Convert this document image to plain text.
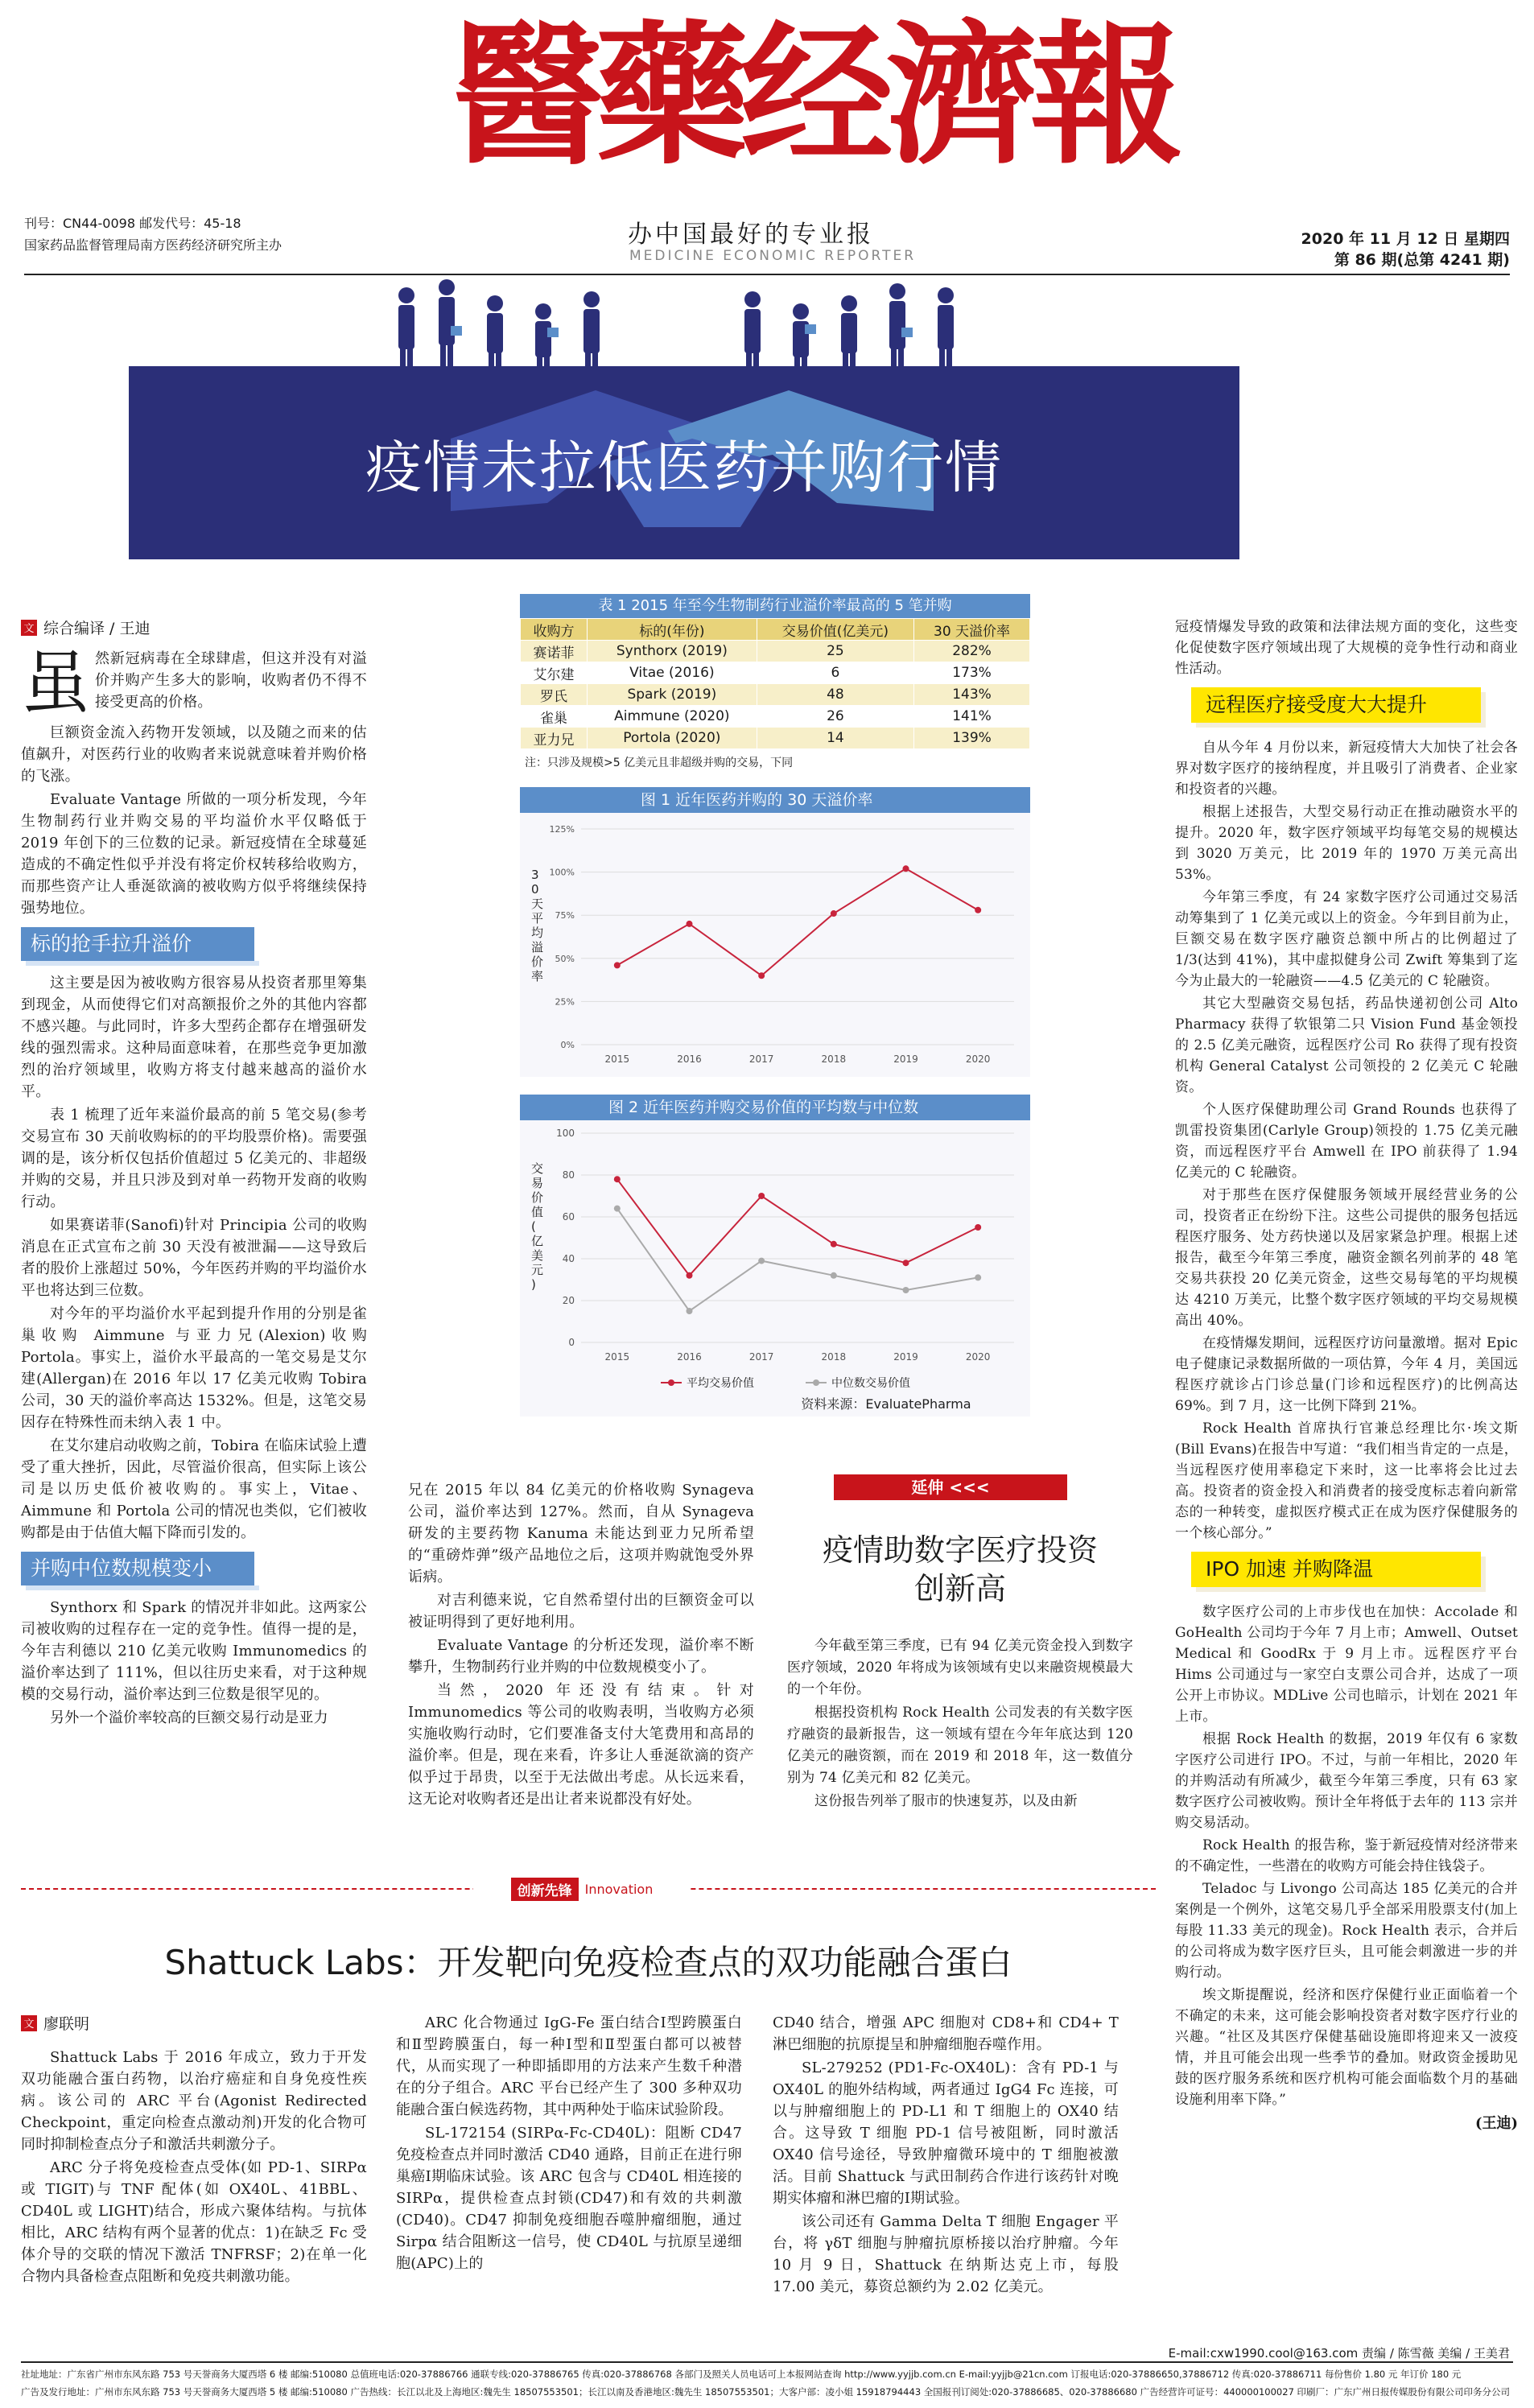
醫藥经濟報
刊号：CN44-0098 邮发代号：45-18
国家药品监督管理局南方医药经济研究所主办	办中国最好的专业报
MEDICINE ECONOMIC REPORTER
2020 年 11 月 12 日 星期四
第 86 期(总第 4241 期)
疫情未拉低医药并购行情
文 综合编译 / 王迪
虽 然新冠病毒在全球肆虐，但这并没有对溢价并购产生多大的影响，收购者仍不得不接受更高的价格。

巨额资金流入药物开发领域，以及随之而来的估值飙升，对医药行业的收购者来说就意味着并购价格的飞涨。

Evaluate Vantage 所做的一项分析发现，今年生物制药行业并购交易的平均溢价水平仅略低于 2019 年创下的三位数的记录。新冠疫情在全球蔓延造成的不确定性似乎并没有将定价权转移给收购方，而那些资产让人垂涎欲滴的被收购方似乎将继续保持强势地位。

标的抢手拉升溢价

这主要是因为被收购方很容易从投资者那里筹集到现金，从而使得它们对高额报价之外的其他内容都不感兴趣。与此同时，许多大型药企都存在增强研发线的强烈需求。这种局面意味着，在那些竞争更加激烈的治疗领域里，收购方将支付越来越高的溢价水平。

表 1 梳理了近年来溢价最高的前 5 笔交易(参考交易宣布 30 天前收购标的的平均股票价格)。需要强调的是，该分析仅包括价值超过 5 亿美元的、非超级并购的交易，并且只涉及到对单一药物开发商的收购行动。

如果赛诺菲(Sanofi)针对 Principia 公司的收购消息在正式宣布之前 30 天没有被泄漏——这导致后者的股价上涨超过 50%，今年医药并购的平均溢价水平也将达到三位数。

对今年的平均溢价水平起到提升作用的分别是雀巢收购 Aimmune 与亚力兄(Alexion)收购 Portola。事实上，溢价水平最高的一笔交易是艾尔建(Allergan)在 2016 年以 17 亿美元收购 Tobira 公司，30 天的溢价率高达 1532%。但是，这笔交易因存在特殊性而未纳入表 1 中。

在艾尔建启动收购之前，Tobira 在临床试验上遭受了重大挫折，因此，尽管溢价很高，但实际上该公司是以历史低价被收购的。事实上，Vitae、Aimmune 和 Portola 公司的情况也类似，它们被收购都是由于估值大幅下降而引发的。

并购中位数规模变小

Synthorx 和 Spark 的情况并非如此。这两家公司被收购的过程存在一定的竞争性。值得一提的是，今年吉利德以 210 亿美元收购 Immunomedics 的溢价率达到了 111%，但以往历史来看，对于这种规模的交易行动，溢价率达到三位数是很罕见的。

另外一个溢价率较高的巨额交易行动是亚力

表 1 2015 年至今生物制药行业溢价率最高的 5 笔并购
收购方	标的(年份)	交易价值(亿美元)	30 天溢价率
赛诺菲	Synthorx (2019)	25	282%
艾尔建	Vitae (2016)	6	173%
罗氏	Spark (2019)	48	143%
雀巢	Aimmune (2020)	26	141%
亚力兄	Portola (2020)	14	139%
注：只涉及规模>5 亿美元且非超级并购的交易，下同
图 1 近年医药并购的 30 天溢价率
0%
25%
50%
75%
100%
125%
2015	2016	2017	2018	2019	2020
3 0 天平均溢价率
图 2 近年医药并购交易价值的平均数与中位数
0
20
40
60
80
100
2015	2016	2017	2018	2019	2020
交易价值(亿美元)
平均交易价值	中位数交易价值
资料来源：EvaluatePharma

兄在 2015 年以 84 亿美元的价格收购 Synageva 公司，溢价率达到 127%。然而，自从 Synageva 研发的主要药物 Kanuma 未能达到亚力兄所希望的“重磅炸弹”级产品地位之后，这项并购就饱受外界诟病。

对吉利德来说，它自然希望付出的巨额资金可以被证明得到了更好地利用。

Evaluate Vantage 的分析还发现，溢价率不断攀升，生物制药行业并购的中位数规模变小了。

当然，2020 年还没有结束。针对 Immunomedics 等公司的收购表明，当收购方必须实施收购行动时，它们要准备支付大笔费用和高昂的溢价率。但是，现在来看，许多让人垂涎欲滴的资产似乎过于昂贵，以至于无法做出考虑。从长远来看，这无论对收购者还是出让者来说都没有好处。

延伸 <<<
疫情助数字医疗投资
创新高

今年截至第三季度，已有 94 亿美元资金投入到数字医疗领域，2020 年将成为该领域有史以来融资规模最大的一个年份。

根据投资机构 Rock Health 公司发表的有关数字医疗融资的最新报告，这一领域有望在今年年底达到 120 亿美元的融资额，而在 2019 和 2018 年，这一数值分别为 74 亿美元和 82 亿美元。

这份报告列举了服市的快速复苏，以及由新

冠疫情爆发导致的政策和法律法规方面的变化，这些变化促使数字医疗领域出现了大规模的竞争性行动和商业性活动。

远程医疗接受度大大提升

自从今年 4 月份以来，新冠疫情大大加快了社会各界对数字医疗的接纳程度，并且吸引了消费者、企业家和投资者的兴趣。

根据上述报告，大型交易行动正在推动融资水平的提升。2020 年，数字医疗领域平均每笔交易的规模达到 3020 万美元，比 2019 年的 1970 万美元高出 53%。

今年第三季度，有 24 家数字医疗公司通过交易活动筹集到了 1 亿美元或以上的资金。今年到目前为止，巨额交易在数字医疗融资总额中所占的比例超过了 1/3(达到 41%)，其中虚拟健身公司 Zwift 筹集到了迄今为止最大的一轮融资——4.5 亿美元的 C 轮融资。

其它大型融资交易包括，药品快递初创公司 Alto Pharmacy 获得了软银第二只 Vision Fund 基金领投的 2.5 亿美元融资，远程医疗公司 Ro 获得了现有投资机构 General Catalyst 公司领投的 2 亿美元 C 轮融资。

个人医疗保健助理公司 Grand Rounds 也获得了凯雷投资集团(Carlyle Group)领投的 1.75 亿美元融资，而远程医疗平台 Amwell 在 IPO 前获得了 1.94 亿美元的 C 轮融资。

对于那些在医疗保健服务领域开展经营业务的公司，投资者正在纷纷下注。这些公司提供的服务包括远程医疗服务、处方药快递以及居家紧急护理。根据上述报告，截至今年第三季度，融资金额名列前茅的 48 笔交易共获投 20 亿美元资金，这些交易每笔的平均规模达 4210 万美元，比整个数字医疗领域的平均交易规模高出 40%。

在疫情爆发期间，远程医疗访问量激增。据对 Epic 电子健康记录数据所做的一项估算，今年 4 月，美国远程医疗就诊占门诊总量(门诊和远程医疗)的比例高达 69%。到 7 月，这一比例下降到 21%。

Rock Health 首席执行官兼总经理比尔·埃文斯(Bill Evans)在报告中写道：“我们相当肯定的一点是，当远程医疗使用率稳定下来时，这一比率将会比过去高。投资者的资金投入和消费者的接受度标志着向新常态的一种转变，虚拟医疗模式正在成为医疗保健服务的一个核心部分。”

IPO 加速 并购降温

数字医疗公司的上市步伐也在加快：Accolade 和 GoHealth 公司均于今年 7 月上市；Amwell、Outset Medical 和 GoodRx 于 9 月上市。远程医疗平台 Hims 公司通过与一家空白支票公司合并，达成了一项公开上市协议。MDLive 公司也暗示，计划在 2021 年上市。

根据 Rock Health 的数据，2019 年仅有 6 家数字医疗公司进行 IPO。不过，与前一年相比，2020 年的并购活动有所减少，截至今年第三季度，只有 63 家数字医疗公司被收购。预计全年将低于去年的 113 宗并购交易活动。

Rock Health 的报告称，鉴于新冠疫情对经济带来的不确定性，一些潜在的收购方可能会持住钱袋子。

Teladoc 与 Livongo 公司高达 185 亿美元的合并案例是一个例外，这笔交易几乎全部采用股票支付(加上每股 11.33 美元的现金)。Rock Health 表示，合并后的公司将成为数字医疗巨头，且可能会刺激进一步的并购行动。

埃文斯提醒说，经济和医疗保健行业正面临着一个不确定的未来，这可能会影响投资者对数字医疗行业的兴趣。“社区及其医疗保健基础设施即将迎来又一波疫情，并且可能会出现一些季节的叠加。财政资金援助见鼓的医疗服务系统和医疗机构可能会面临数个月的基础设施利用率下降。”

(王迪)
创新先锋	Innovation
Shattuck Labs：开发靶向免疫检查点的双功能融合蛋白
文 廖联明

Shattuck Labs 于 2016 年成立，致力于开发双功能融合蛋白药物，以治疗癌症和自身免疫性疾病。该公司的 ARC 平台(Agonist Redirected Checkpoint，重定向检查点激动剂)开发的化合物可同时抑制检查点分子和激活共刺激分子。

ARC 分子将免疫检查点受体(如 PD-1、SIRPα 或 TIGIT)与 TNF 配体(如 OX40L、41BBL、CD40L 或 LIGHT)结合，形成六聚体结构。与抗体相比，ARC 结构有两个显著的优点：1)在缺乏 Fc 受体介导的交联的情况下激活 TNFRSF；2)在单一化合物内具备检查点阻断和免疫共刺激功能。

ARC 化合物通过 IgG-Fe 蛋白结合Ⅰ型跨膜蛋白和Ⅱ型跨膜蛋白，每一种Ⅰ型和Ⅱ型蛋白都可以被替代，从而实现了一种即插即用的方法来产生数千种潜在的分子组合。ARC 平台已经产生了 300 多种双功能融合蛋白候选药物，其中两种处于临床试验阶段。

SL-172154 (SIRPα-Fc-CD40L)：阻断 CD47 免疫检查点并同时激活 CD40 通路，目前正在进行卵巢癌Ⅰ期临床试验。该 ARC 包含与 CD40L 相连接的 SIRPα，提供检查点封锁(CD47)和有效的共刺激(CD40)。CD47 抑制免疫细胞吞噬肿瘤细胞，通过 Sirpα 结合阻断这一信号，使 CD40L 与抗原呈递细胞(APC)上的

CD40 结合，增强 APC 细胞对 CD8+和 CD4+ T 淋巴细胞的抗原提呈和肿瘤细胞吞噬作用。

SL-279252 (PD1-Fc-OX40L)：含有 PD-1 与 OX40L 的胞外结构域，两者通过 IgG4 Fc 连接，可以与肿瘤细胞上的 PD-L1 和 T 细胞上的 OX40 结合。这导致 T 细胞 PD-1 信号被阻断，同时激活 OX40 信号途径，导致肿瘤微环境中的 T 细胞被激活。目前 Shattuck 与武田制药合作进行该药针对晚期实体瘤和淋巴瘤的Ⅰ期试验。

该公司还有 Gamma Delta T 细胞 Engager 平台，将 γδT 细胞与肿瘤抗原桥接以治疗肿瘤。今年 10 月 9 日，Shattuck 在纳斯达克上市，每股 17.00 美元，募资总额约为 2.02 亿美元。

E-mail:cxw1990.cool@163.com 责编 / 陈雪薇 美编 / 王美君
社址地址：广东省广州市东风东路 753 号天誉商务大厦西塔 6 楼 邮编:510080 总值班电话:020-37886766 通联专线:020-37886765 传真:020-37886768 各部门及照关人员电话可上本报网站查询 http://www.yyjjb.com.cn E-mail:yyjjb@21cn.com 订报电话:020-37886650,37886712 传真:020-37886711 每份售价 1.80 元 年订价 180 元
广告及发行地址：广州市东风东路 753 号天誉商务大厦西塔 5 楼 邮编:510080 广告热线：长江以北及上海地区:魏先生 18507553501；长江以南及香港地区:魏先生 18507553501；大客户部：凌小姐 15918794443 全国报刊订阅处:020-37886685、020-37886680 广告经营许可证号：440000100027 印刷厂：广东广州日报传媒股份有限公司印务分公司
